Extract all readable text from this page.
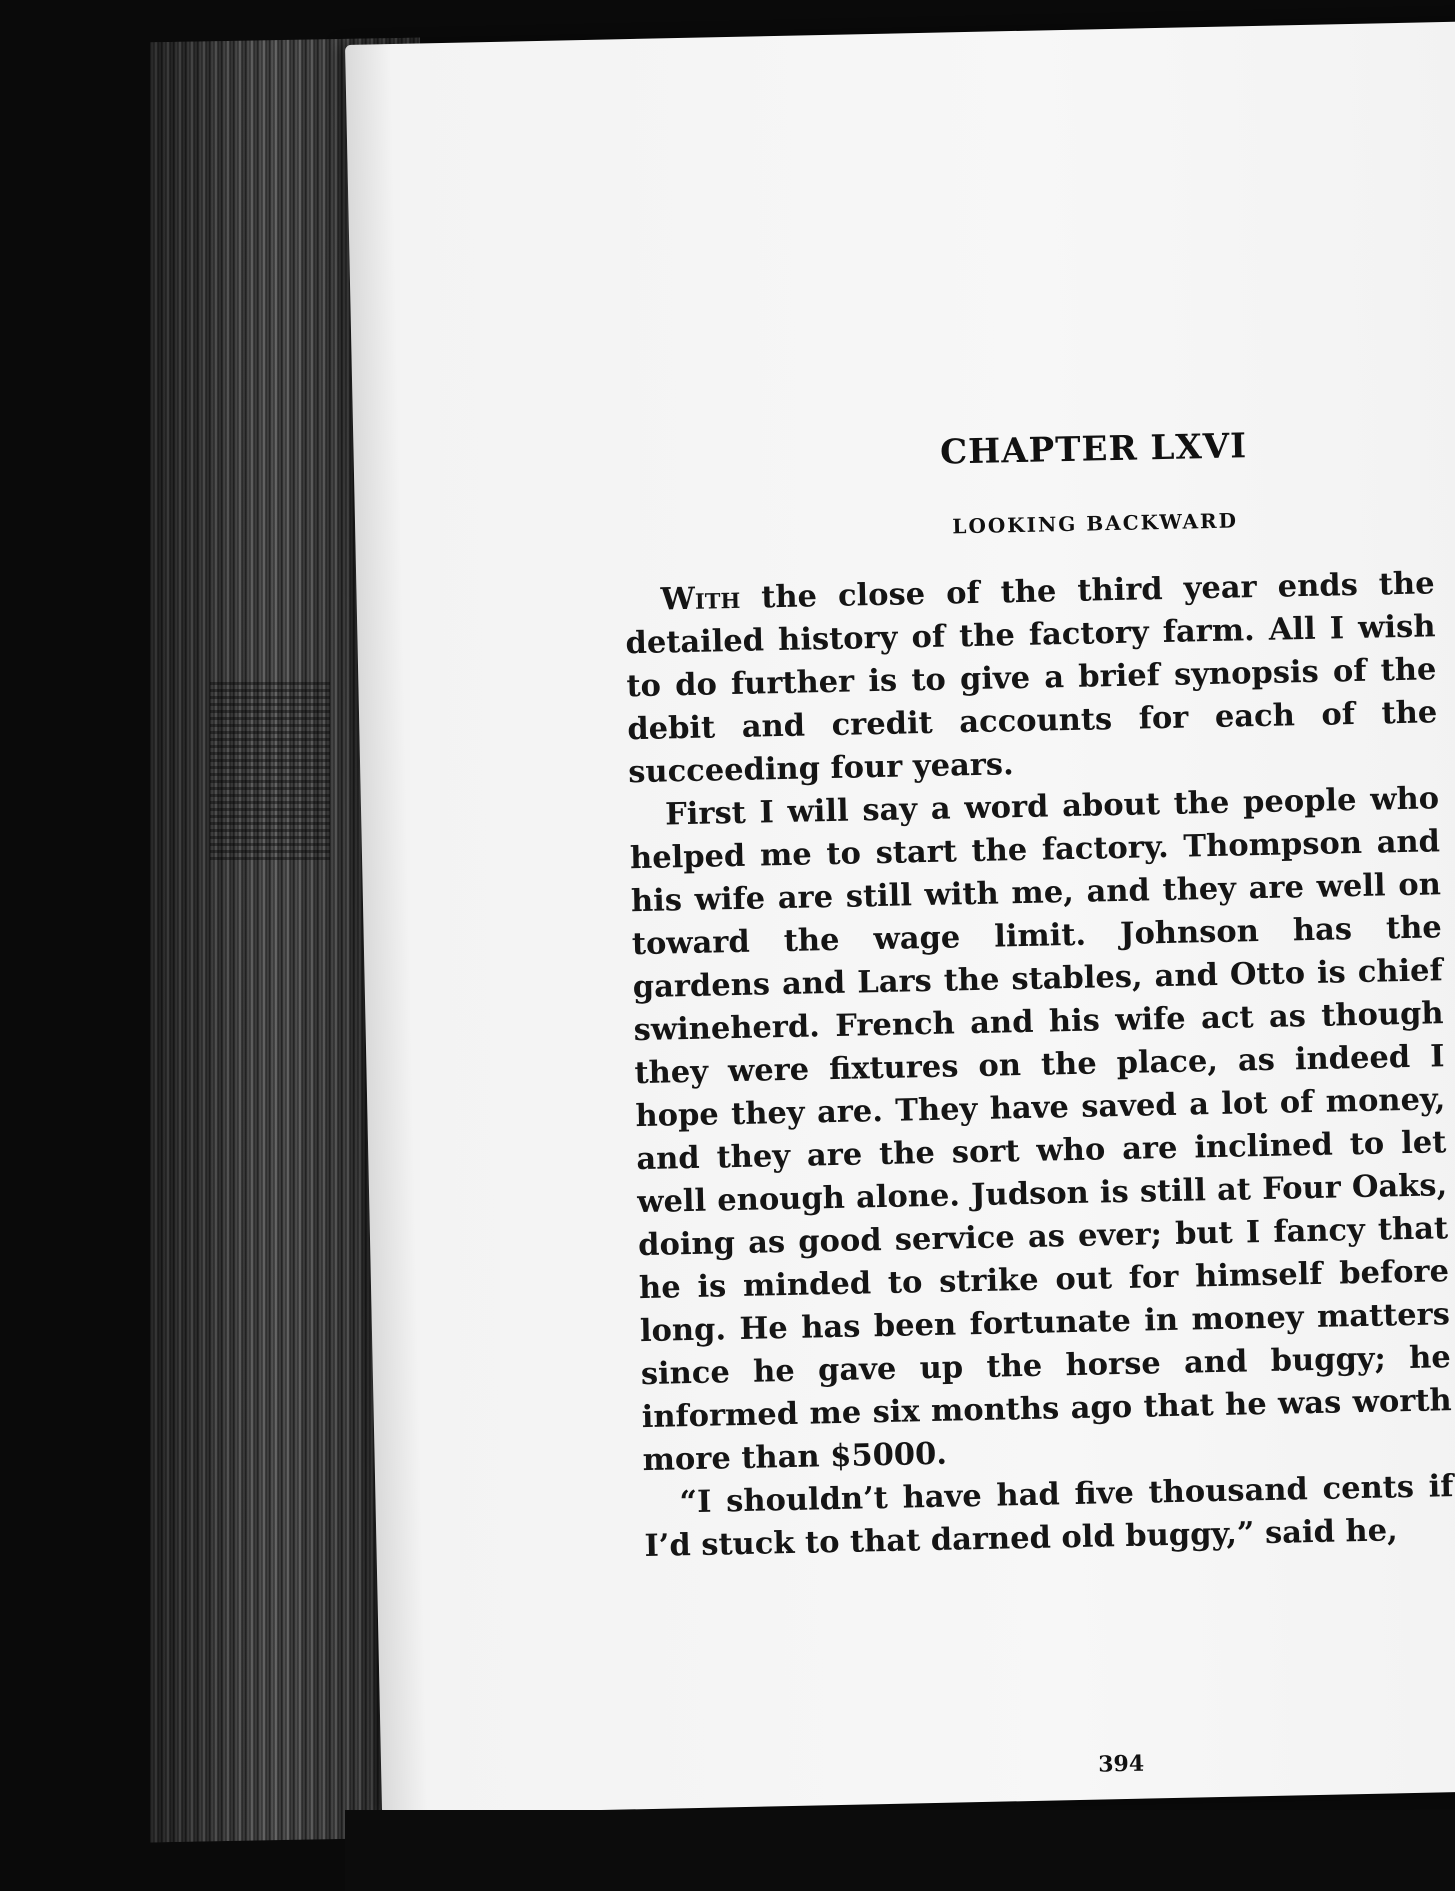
CHAPTER LXVI
LOOKING BACKWARD

With the close of the third year ends the detailed history of the factory farm. All I wish to do further is to give a brief synopsis of the debit and credit accounts for each of the succeeding four years.

First I will say a word about the people who helped me to start the factory. Thompson and his wife are still with me, and they are well on toward the wage limit. Johnson has the gardens and Lars the stables, and Otto is chief swineherd. French and his wife act as though they were fixtures on the place, as indeed I hope they are. They have saved a lot of money, and they are the sort who are inclined to let well enough alone. Judson is still at Four Oaks, doing as good service as ever; but I fancy that he is minded to strike out for himself before long. He has been fortunate in money matters since he gave up the horse and buggy; he informed me six months ago that he was worth more than $5000.

“I shouldn’t have had five thousand cents if I’d stuck to that darned old buggy,” said he,

394
